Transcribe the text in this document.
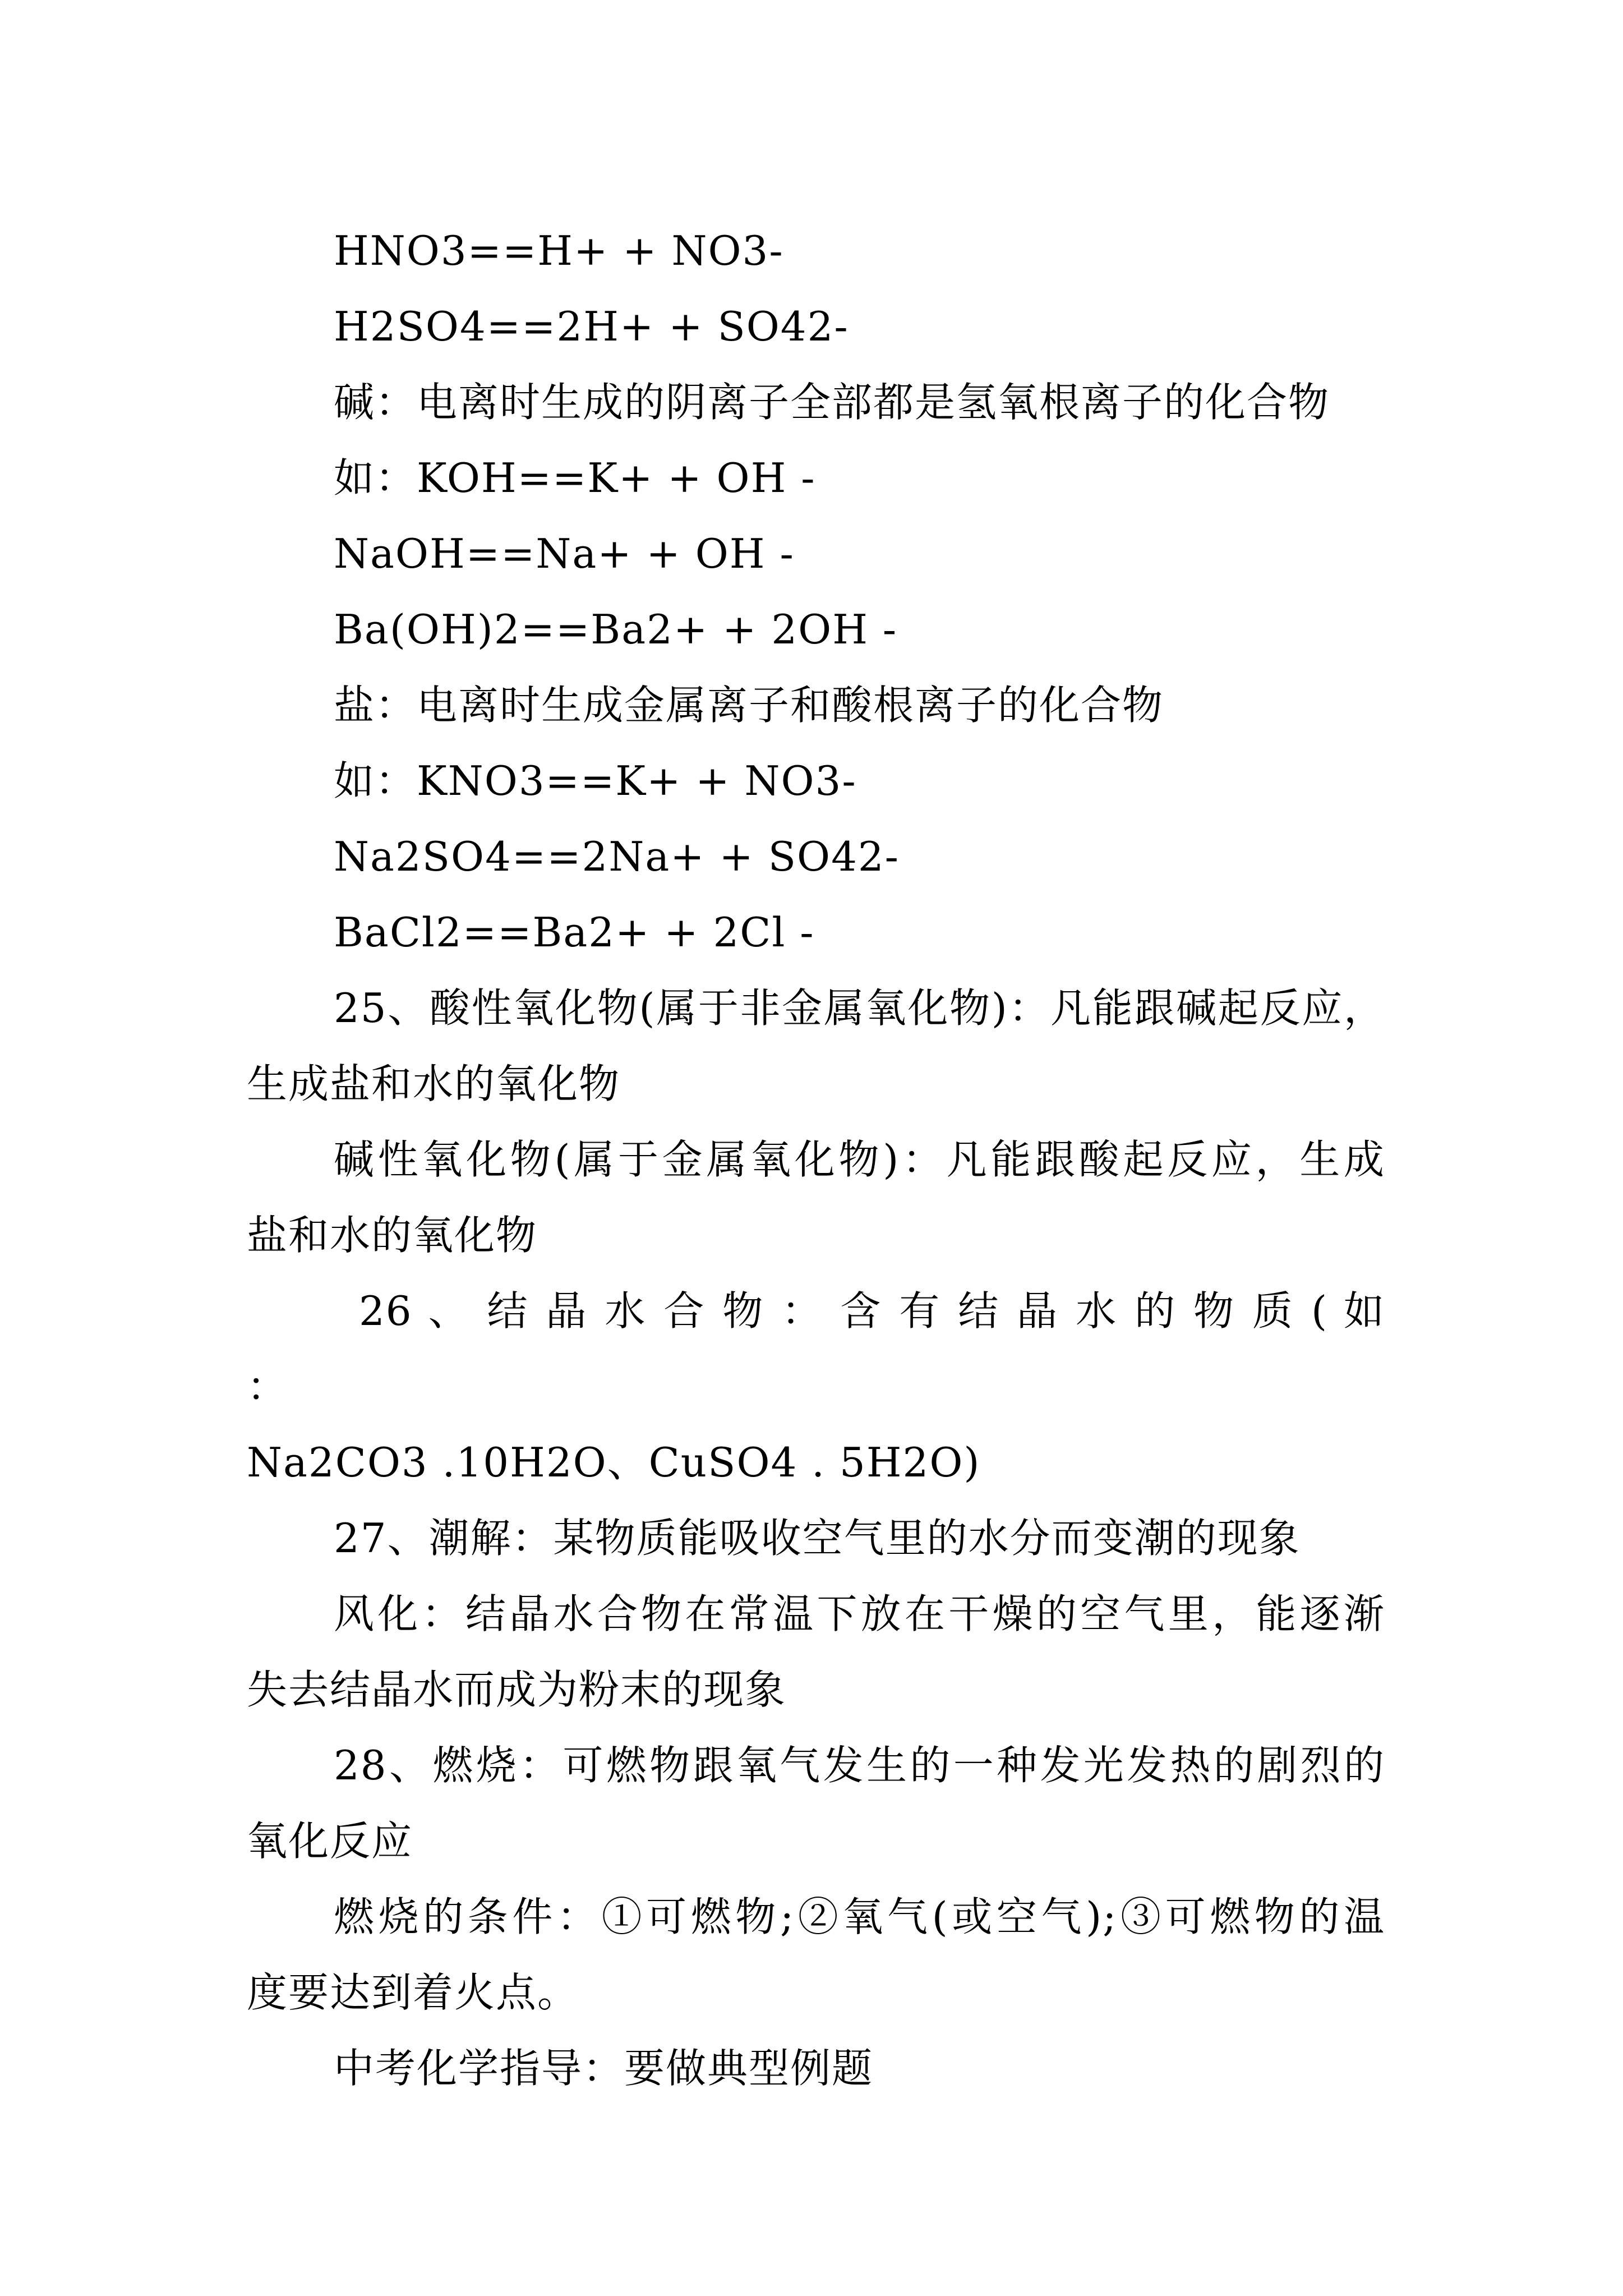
HNO3==H+ + NO3-

H2SO4==2H+ + SO42-

碱：电离时生成的阴离子全部都是氢氧根离子的化合物

如：KOH==K+ + OH -

NaOH==Na+ + OH -

Ba(OH)2==Ba2+ + 2OH -

盐：电离时生成金属离子和酸根离子的化合物

如：KNO3==K+ + NO3-

Na2SO4==2Na+ + SO42-

BaCl2==Ba2+ + 2Cl -

25、酸性氧化物(属于非金属氧化物)：凡能跟碱起反应，

生成盐和水的氧化物

碱性氧化物(属于金属氧化物)：凡能跟酸起反应，生成

盐和水的氧化物

26 、 结 晶 水 合 物 ： 含 有 结 晶 水 的 物 质 ( 如 ：

Na2CO3 .10H2O、CuSO4 . 5H2O)

27、潮解：某物质能吸收空气里的水分而变潮的现象

风化：结晶水合物在常温下放在干燥的空气里，能逐渐

失去结晶水而成为粉末的现象

28、燃烧：可燃物跟氧气发生的一种发光发热的剧烈的

氧化反应

燃烧的条件：①可燃物;②氧气(或空气);③可燃物的温

度要达到着火点。

中考化学指导：要做典型例题
